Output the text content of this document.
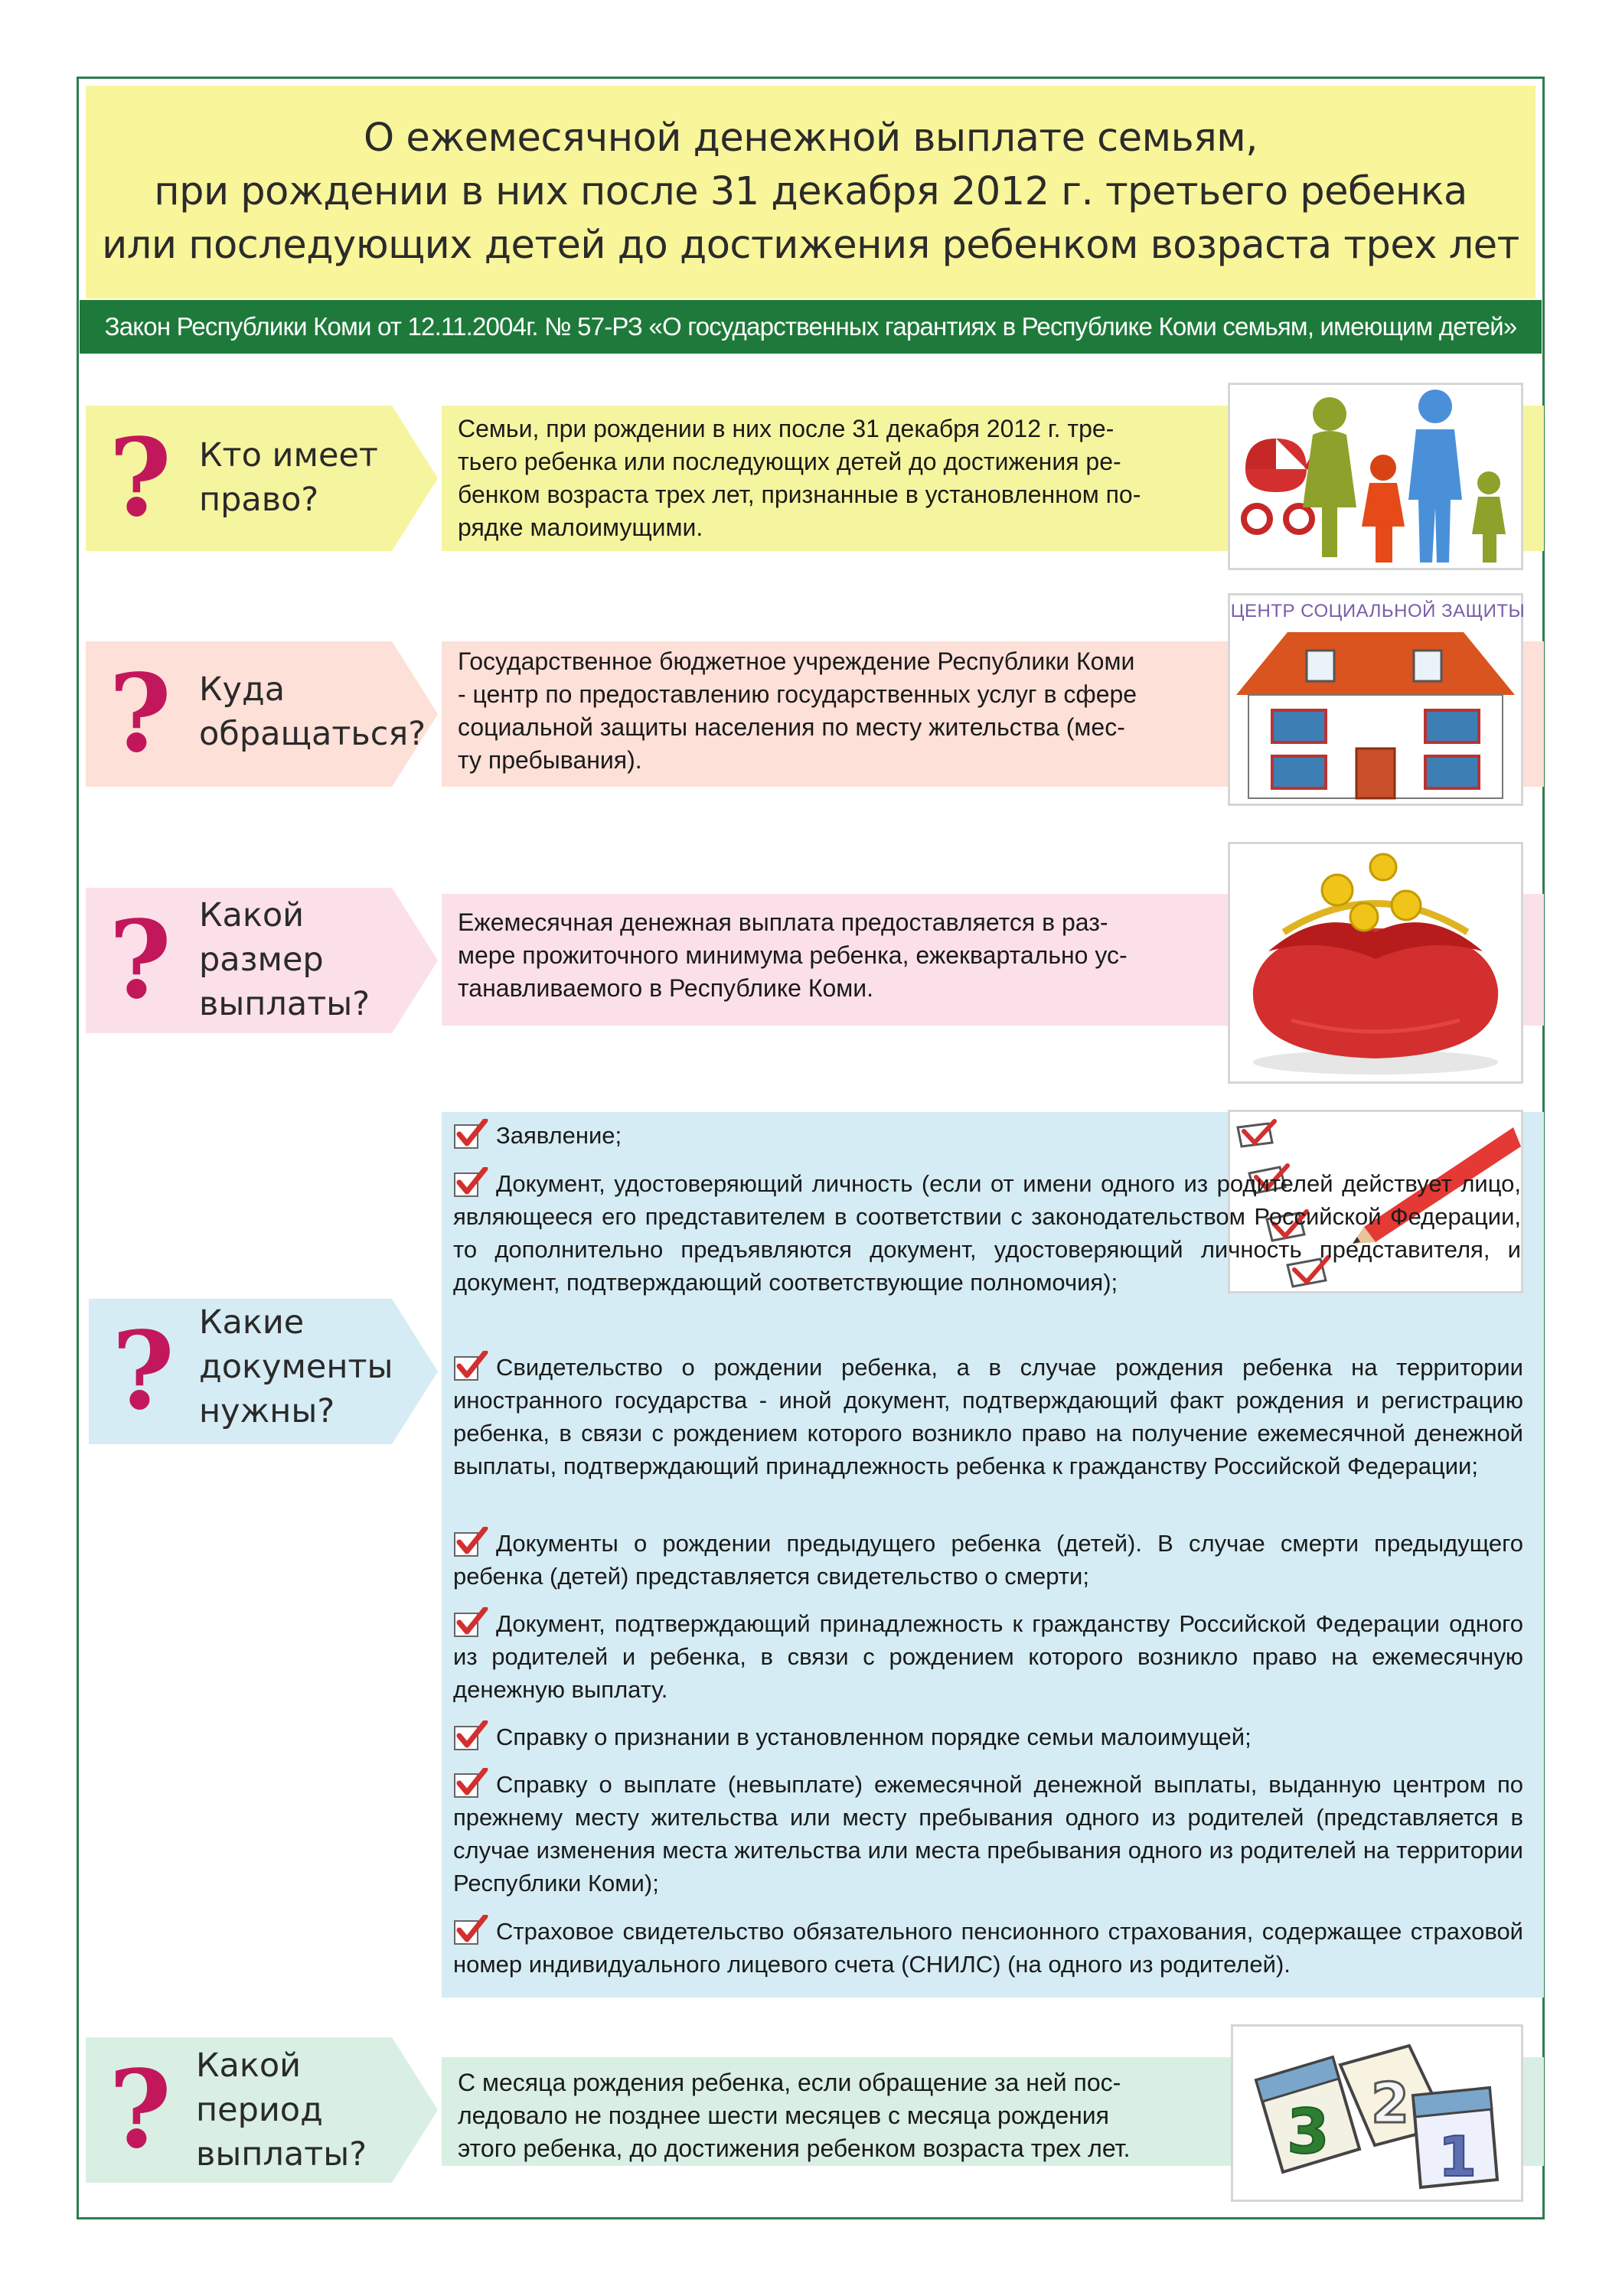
О ежемесячной денежной выплате семьям,
при рождении в них после 31 декабря 2012 г. третьего ребенка
или последующих детей до достижения ребенком возраста трех лет
Закон Республики Коми от 12.11.2004г. № 57-РЗ «О государственных гарантиях в Республике Коми семьям, имеющим детей»
? Кто имеет
право?
Семьи, при рождении в них после 31 декабря 2012 г. тре-
тьего ребенка или последующих детей до достижения ре-
бенком возраста трех лет, признанные в установленном по-
рядке малоимущими.
? Куда
обращаться?
Государственное бюджетное учреждение Республики Коми
- центр по предоставлению государственных услуг в сфере
социальной защиты населения по месту жительства (мес-
ту пребывания).
ЦЕНТР СОЦИАЛЬНОЙ ЗАЩИТЫ
? Какой
размер
выплаты?
Ежемесячная денежная выплата предоставляется в раз-
мере прожиточного минимума ребенка, ежеквартально ус-
танавливаемого в Республике Коми.
? Какие
документы
нужны?
Заявление;
Документ, удостоверяющий личность (если от имени одного из родителей действует лицо, являющееся его представителем в соответствии с законодательством Российской Федерации, то дополнительно предъявляются документ, удостоверяющий личность представителя, и документ, подтверждающий соответствующие полномочия);
Свидетельство о рождении ребенка, а в случае рождения ребенка на территории иностранного государства - иной документ, подтверждающий факт рождения и регистрацию ребенка, в связи с рождением которого возникло право на получение ежемесячной денежной выплаты, подтверждающий принадлежность ребенка к гражданству Российской Федерации;
Документы о рождении предыдущего ребенка (детей). В случае смерти предыдущего ребенка (детей) представляется свидетельство о смерти;
Документ, подтверждающий принадлежность к гражданству Российской Федерации одного из родителей и ребенка, в связи с рождением которого возникло право на ежемесячную денежную выплату.
Справку о признании в установленном порядке семьи малоимущей;
Справку о выплате (невыплате) ежемесячной денежной выплаты, выданную центром по прежнему месту жительства или месту пребывания одного из родителей (представляется в случае изменения места жительства или места пребывания одного из родителей на территории Республики Коми);
Страховое свидетельство обязательного пенсионного страхования, содержащее страховой номер индивидуального лицевого счета (СНИЛС) (на одного из родителей).
? Какой
период
выплаты?
С месяца рождения ребенка, если обращение за ней пос-
ледовало не позднее шести месяцев с месяца рождения
этого ребенка, до достижения ребенком возраста трех лет.	3 2
1
